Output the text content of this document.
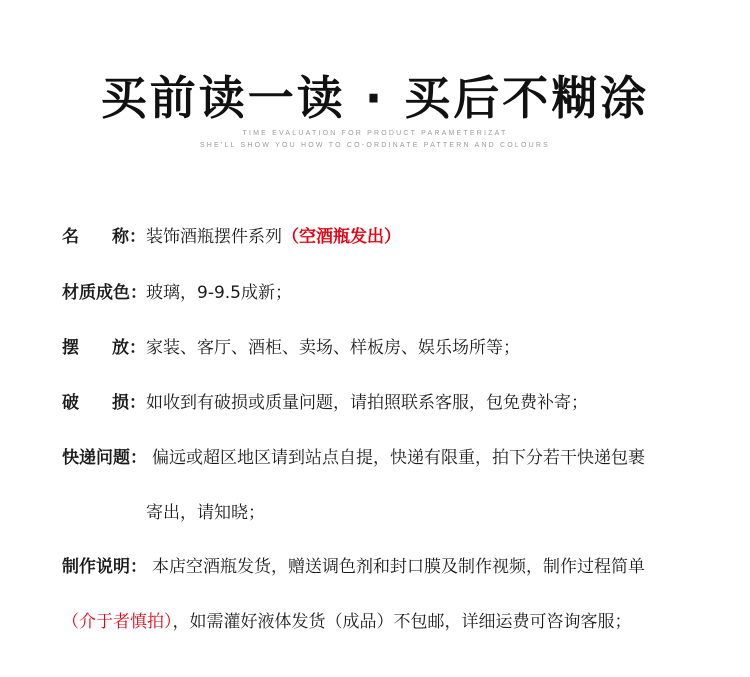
买前读一读 · 买后不糊涂
TIME EVALUATION FOR PRODUCT PARAMETERIZAT
SHE'LL SHOW YOU HOW TO CO-ORDINATE PATTERN AND COLOURS
名 称：装饰酒瓶摆件系列（空酒瓶发出）
材质成色：玻璃，9-9.5成新；
摆 放：家装、客厅、酒柜、卖场、样板房、娱乐场所等；
破 损：如收到有破损或质量问题，请拍照联系客服，包免费补寄；
快递问题： 偏远或超区地区请到站点自提，快递有限重，拍下分若干快递包裹
寄出，请知晓；
制作说明： 本店空酒瓶发货，赠送调色剂和封口膜及制作视频，制作过程简单
（介于者慎拍），如需灌好液体发货（成品）不包邮，详细运费可咨询客服；
